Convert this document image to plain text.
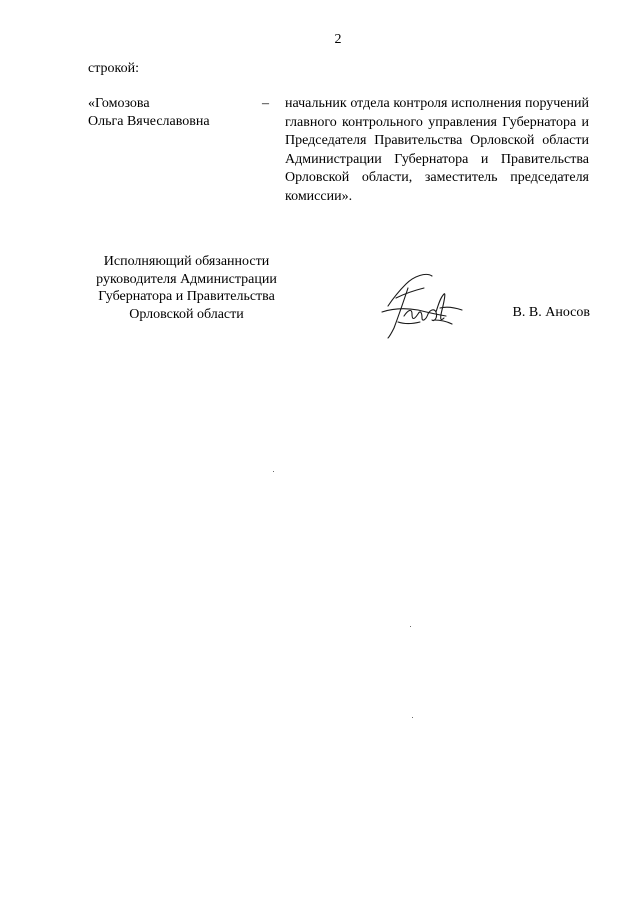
2
строкой:
«Гомозова
Ольга Вячеславовна
– начальник отдела контроля исполнения поручений главного контрольного управления Губернатора и Председателя Правительства Орловской области Администрации Губернатора и Правительства Орловской области, заместитель председателя комиссии».
Исполняющий обязанности
руководителя Администрации
Губернатора и Правительства
Орловской области	В. В. Аносов
